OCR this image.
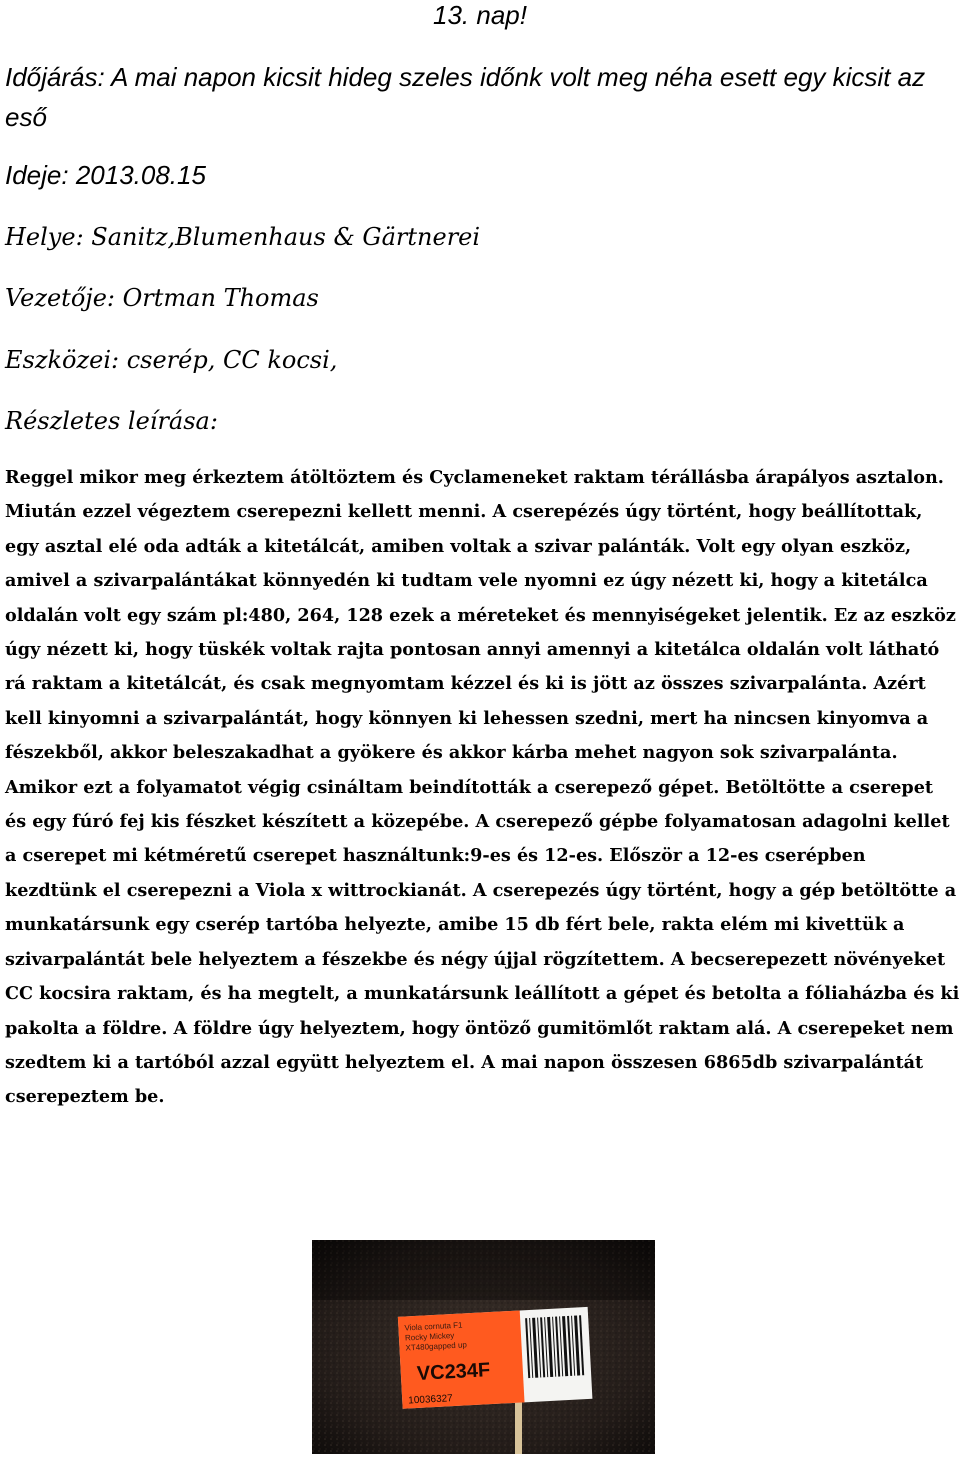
13. nap!
Időjárás: A mai napon kicsit hideg szeles időnk volt meg néha esett egy kicsit az eső
Ideje: 2013.08.15
Helye: Sanitz,Blumenhaus & Gärtnerei
Vezetője: Ortman Thomas
Eszközei: cserép, CC kocsi,
Részletes leírása:

Reggel mikor meg érkeztem átöltöztem és Cyclameneket raktam térállásba árapályos asztalon. Miután ezzel végeztem cserepezni kellett menni. A cserepézés úgy történt, hogy beállítottak, egy asztal elé oda adták a kitetálcát, amiben voltak a szivar palánták. Volt egy olyan eszköz, amivel a szivarpalántákat könnyedén ki tudtam vele nyomni ez úgy nézett ki, hogy a kitetálca oldalán volt egy szám pl:480, 264, 128 ezek a méreteket és mennyiségeket jelentik. Ez az eszköz úgy nézett ki, hogy tüskék voltak rajta pontosan annyi amennyi a kitetálca oldalán volt látható rá raktam a kitetálcát, és csak megnyomtam kézzel és ki is jött az összes szivarpalánta. Azért kell kinyomni a szivarpalántát, hogy könnyen ki lehessen szedni, mert ha nincsen kinyomva a fészekből, akkor beleszakadhat a gyökere és akkor kárba mehet nagyon sok szivarpalánta. Amikor ezt a folyamatot végig csináltam beindították a cserepező gépet. Betöltötte a cserepet és egy fúró fej kis fészket készített a közepébe. A cserepező gépbe folyamatosan adagolni kellet a cserepet mi kétméretű cserepet használtunk:9-es és 12-es. Először a 12-es cserépben kezdtünk el cserepezni a Viola x wittrockianát. A cserepezés úgy történt, hogy a gép betöltötte a munkatársunk egy cserép tartóba helyezte, amibe 15 db fért bele, rakta elém mi kivettük a szivarpalántát bele helyeztem a fészekbe és négy újjal rögzítettem. A becserepezett növényeket CC kocsira raktam, és ha megtelt, a munkatársunk leállított a gépet és betolta a fóliaházba és ki pakolta a földre. A földre úgy helyeztem, hogy öntöző gumitömlőt raktam alá. A cserepeket nem szedtem ki a tartóból azzal együtt helyeztem el. A mai napon összesen 6865db szivarpalántát cserepeztem be.

Viola cornuta F1
Rocky Mickey
XT480gapped up
VC234F
10036327
